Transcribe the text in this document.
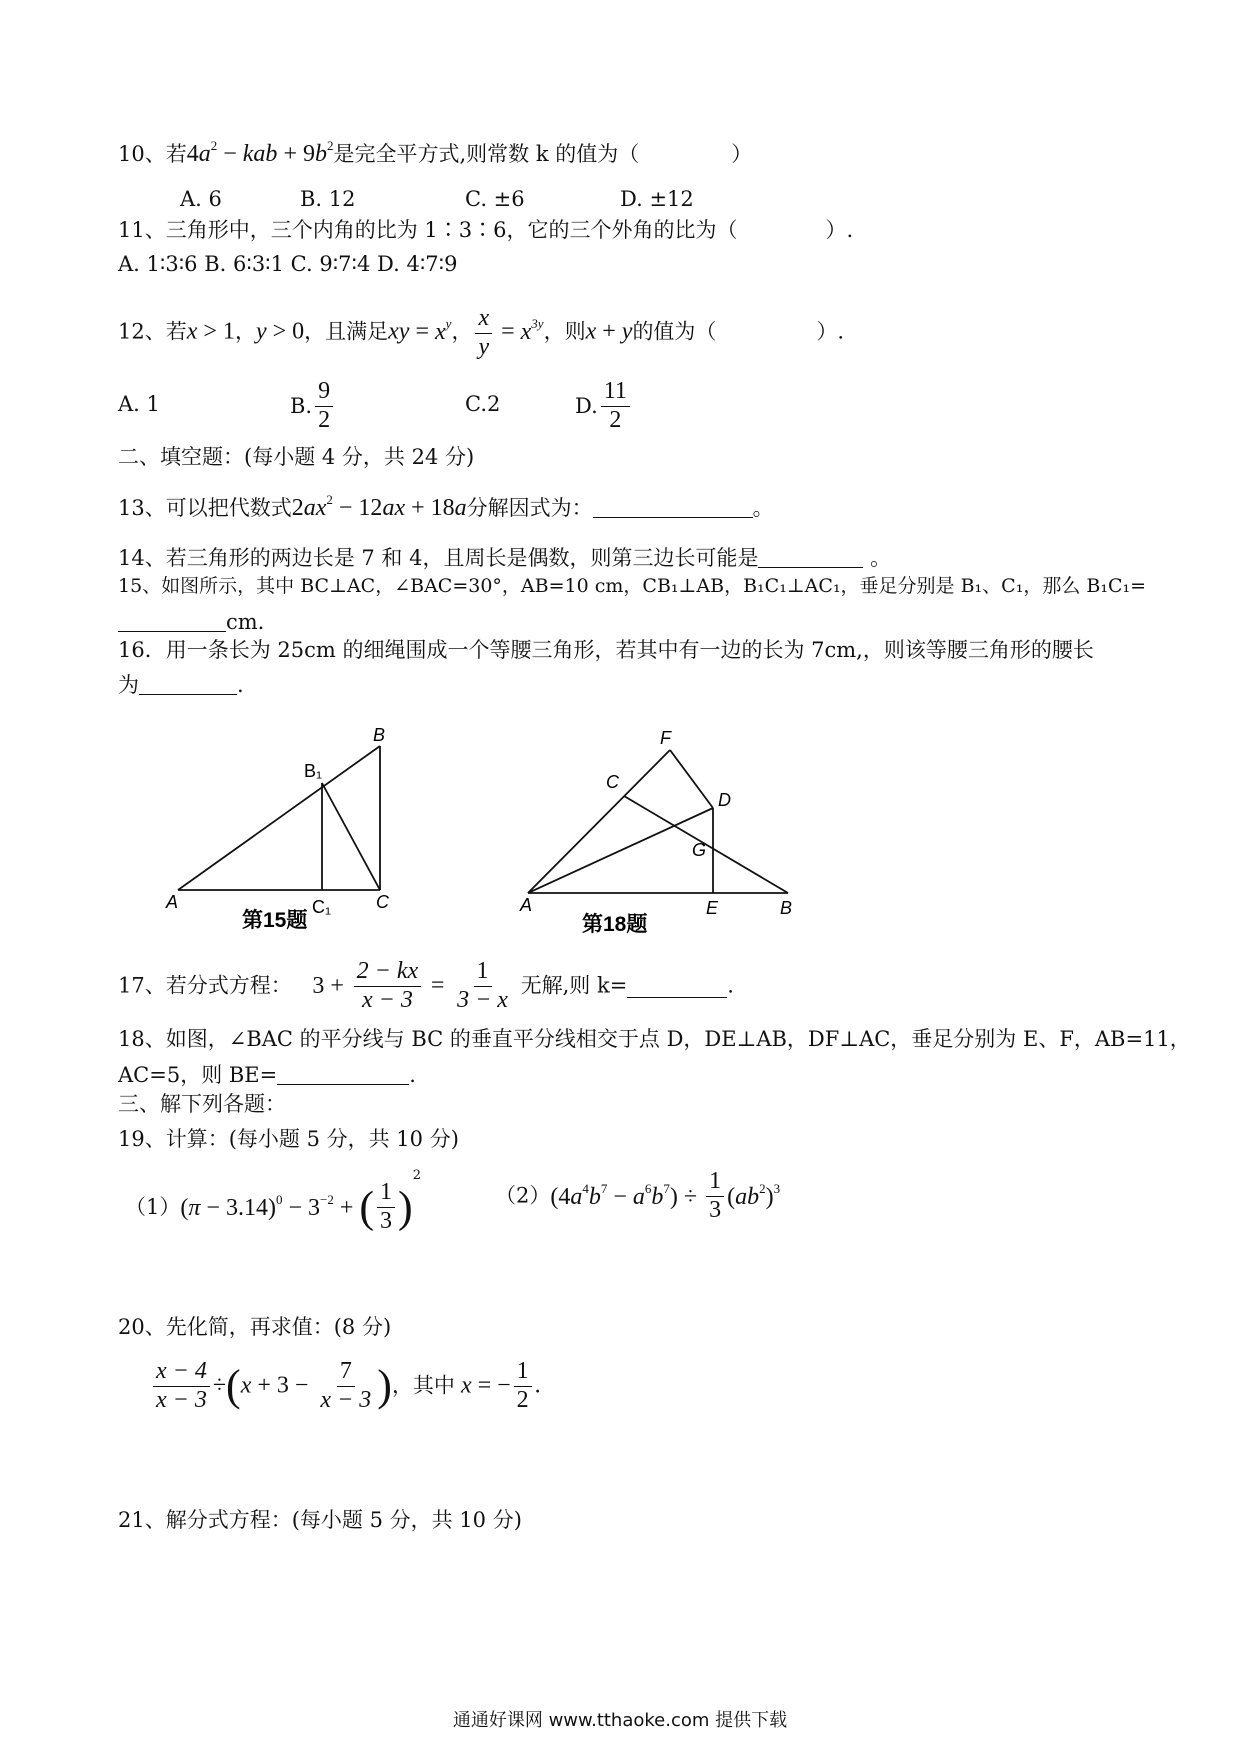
10、若$4a^2$ − kab + $9b^2$是完全平方式,则常数 k 的值为（	）
A. 6	B. 12	C. ±6	D. ±12
11、三角形中，三个内角的比为 1∶3∶6，它的三个外角的比为（	）.
A. 1∶3∶6 B. 6∶3∶1 C. 9∶7∶4 D. 4∶7∶9
12、若x > 1，y > 0，且满足xy = $x^y$， $\frac{x}{y} = x^{3y}$，则x + y的值为（	）.
A. 1	B. $\frac{9}{2}$	C.2	D. $\frac{11}{2}$
二、填空题：(每小题 4 分，共 24 分)
13、可以把代数式$2ax^2 - 12ax + 18a$分解因式为：	。
14、若三角形的两边长是 7 和 4，且周长是偶数，则第三边长可能是	。
15、如图所示，其中 BC⊥AC，∠BAC=30°，AB=10 cm，CB₁⊥AB，B₁C₁⊥AC₁，垂足分别是 B₁、C₁，那么 B₁C₁=
cm.
16．用一条长为 25cm 的细绳围成一个等腰三角形，若其中有一边的长为 7cm,，则该等腰三角形的腰长
为	.
A
B
B₁
C₁ C
第15题
F
C
D
G
A	E	B
第18题
17、若分式方程： $3 + \frac{2 - kx}{x - 3} = \frac{1}{3 - x}$ 无解,则 k=	.
18、如图，∠BAC 的平分线与 BC 的垂直平分线相交于点 D，DE⊥AB，DF⊥AC，垂足分别为 E、F，AB=11，
AC=5，则 BE=	.
三、解下列各题：
19、计算：(每小题 5 分，共 10 分)
$(1)(\pi - 3.14)^0 - 3^{-2}$ + ( $\frac{1}{3} )^2$
$(2)(4a^4b^7 - a^6b^7) \div \frac{1}{3} (ab^2)^3$
20、先化简，再求值：(8 分)
$\frac{x - 4}{x - 3} \div(x + 3 - \frac{7}{x - 3}$ )，其中 x = − $\frac{1}{2}$ .
21、解分式方程：(每小题 5 分，共 10 分)
通通好课网 www.tthaoke.com 提供下载
